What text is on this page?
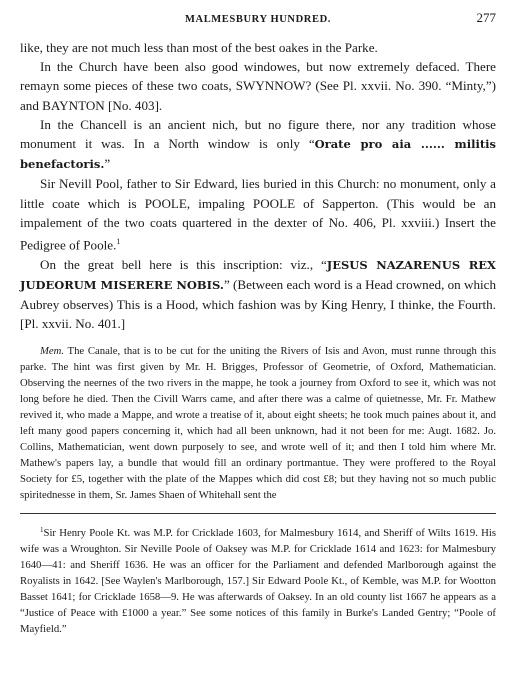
MALMESBURY HUNDRED.	277

like, they are not much less than most of the best oakes in the Parke.

In the Church have been also good windowes, but now extremely defaced. There remayn some pieces of these two coats, SWYNNOW? (See Pl. xxvii. No. 390. “Minty,”) and BAYNTON [No. 403].

In the Chancell is an ancient nich, but no figure there, nor any tradition whose monument it was. In a North window is only “Orate pro aia ...... militis benefactoris.”

Sir Nevill Pool, father to Sir Edward, lies buried in this Church: no monument, only a little coate which is POOLE, impaling POOLE of Sapperton. (This would be an impalement of the two coats quartered in the dexter of No. 406, Pl. xxviii.) Insert the Pedigree of Poole.$^1$

On the great bell here is this inscription: viz., “JESUS NAZARENUS REX JUDEORUM MISERERE NOBIS.” (Between each word is a Head crowned, on which Aubrey observes) This is a Hood, which fashion was by King Henry, I thinke, the Fourth. [Pl. xxvii. No. 401.]

Mem. The Canale, that is to be cut for the uniting the Rivers of Isis and Avon, must runne through this parke. The hint was first given by Mr. H. Brigges, Professor of Geometrie, of Oxford, Mathematician. Observing the neernes of the two rivers in the mappe, he took a journey from Oxford to see it, which was not long before he died. Then the Civill Warrs came, and after there was a calme of quietnesse, Mr. Fr. Mathew revived it, who made a Mappe, and wrote a treatise of it, about eight sheets; he took much paines about it, and left many good papers concerning it, which had all been unknown, had it not been for me: Augt. 1682. Jo. Collins, Mathematician, went down purposely to see, and wrote well of it; and then I told him where Mr. Mathew's papers lay, a bundle that would fill an ordinary portmantue. They were proffered to the Royal Society for £5, together with the plate of the Mappes which did cost £8; but they having not so much public spiritednesse in them, Sr. James Shaen of Whitehall sent the

$^1$Sir Henry Poole Kt. was M.P. for Cricklade 1603, for Malmesbury 1614, and Sheriff of Wilts 1619. His wife was a Wroughton. Sir Neville Poole of Oaksey was M.P. for Cricklade 1614 and 1623: for Malmesbury 1640—41: and Sheriff 1636. He was an officer for the Parliament and defended Marlborough against the Royalists in 1642. [See Waylen's Marlborough, 157.] Sir Edward Poole Kt., of Kemble, was M.P. for Wootton Basset 1641; for Cricklade 1658—9. He was afterwards of Oaksey. In an old county list 1667 he appears as a “Justice of Peace with £1000 a year.” See some notices of this family in Burke's Landed Gentry; “Poole of Mayfield.”
